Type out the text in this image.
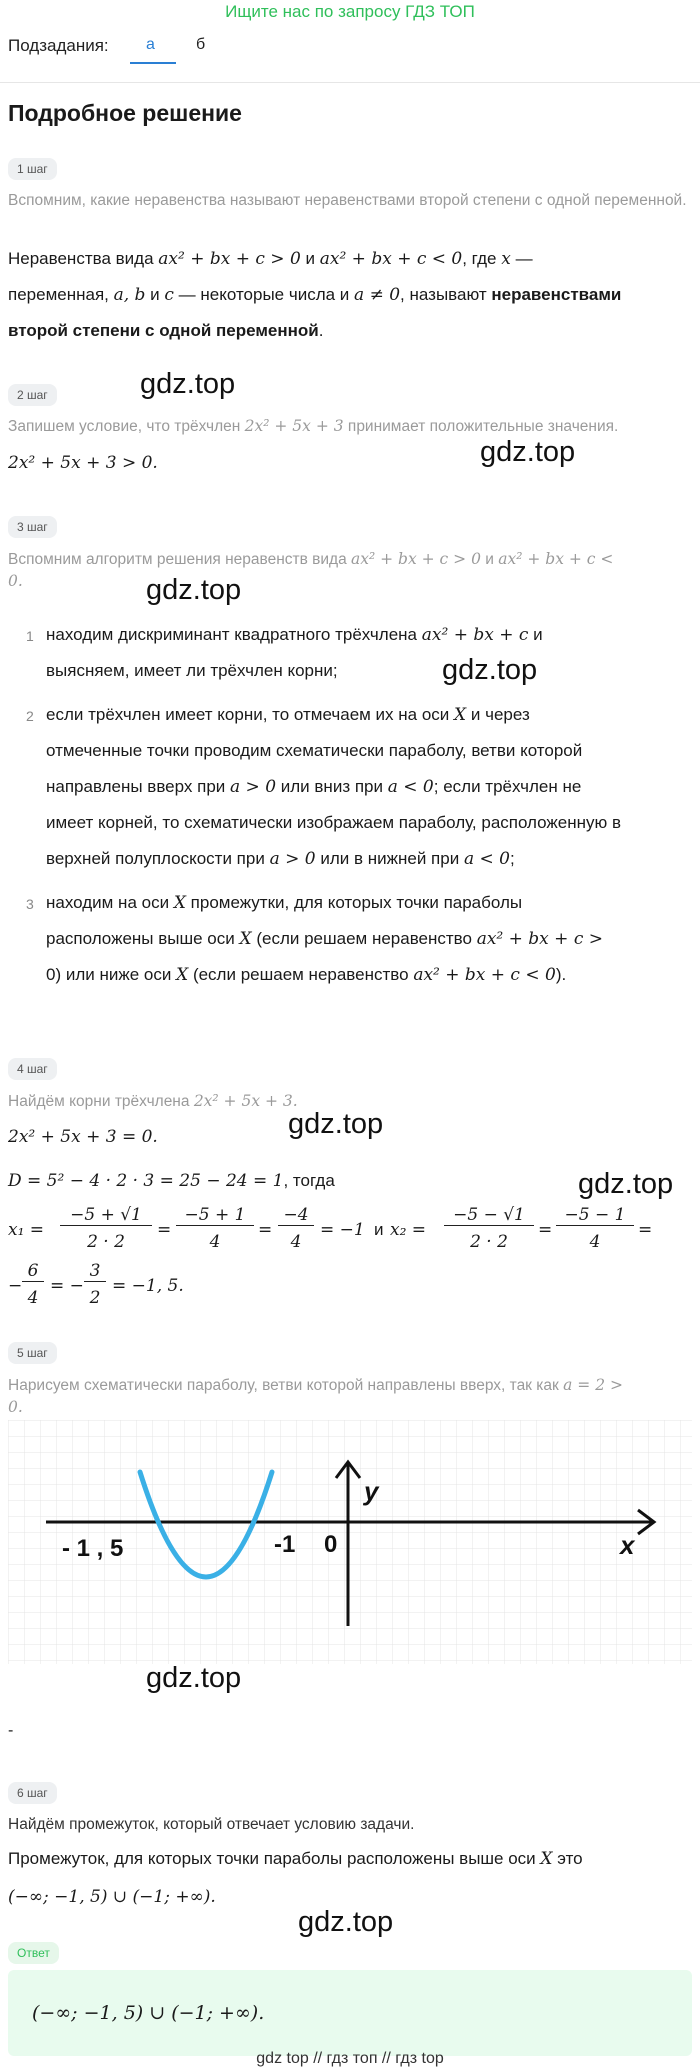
Ищите нас по запросу ГДЗ ТОП
Подзадания: а	б
Подробное решение
1 шаг
Вспомним, какие неравенства называют неравенствами второй степени с одной переменной.
Неравенства вида ax² + bx + c > 0 и ax² + bx + c < 0, где x —
переменная, a, b и c — некоторые числа и a ≠ 0, называют неравенствами
второй степени с одной переменной.
2 шаг	gdz.top
Запишем условие, что трёхчлен 2x² + 5x + 3 принимает положительные значения.
gdz.top
2x² + 5x + 3 > 0.
3 шаг
Вспомним алгоритм решения неравенств вида ax² + bx + c > 0 и ax² + bx + c <
0.	gdz.top
1 находим дискриминант квадратного трёхчлена ax² + bx + c и
выясняем, имеет ли трёхчлен корни;	gdz.top
2 если трёхчлен имеет корни, то отмечаем их на оси X и через
отмеченные точки проводим схематически параболу, ветви которой
направлены вверх при a > 0 или вниз при a < 0; если трёхчлен не
имеет корней, то схематически изображаем параболу, расположенную в
верхней полуплоскости при a > 0 или в нижней при a < 0;
3 находим на оси X промежутки, для которых точки параболы
расположены выше оси X (если решаем неравенство ax² + bx + c >
0) или ниже оси X (если решаем неравенство ax² + bx + c < 0).
4 шаг
Найдём корни трёхчлена 2x² + 5x + 3.
gdz.top
2x² + 5x + 3 = 0.
D = 5² − 4 · 2 · 3 = 25 − 24 = 1, тогда	gdz.top
x₁ =
−5 + √1
2 · 2
=
−5 + 1
4
=
−4
4
= −1 и x₂ =
−5 − √1
2 · 2
=
−5 − 1
4
=
−
6
4
= −
3
2
= −1, 5.
5 шаг
Нарисуем схематически параболу, ветви которой направлены вверх, так как a = 2 >
0.
y
x
0
- 1 , 5	-1
gdz.top
-
6 шаг
Найдём промежуток, который отвечает условию задачи.
Промежуток, для которых точки параболы расположены выше оси X это
(−∞; −1, 5) ∪ (−1; +∞).
gdz.top
Ответ
(−∞; −1, 5) ∪ (−1; +∞).
gdz top // гдз топ // гдз top
